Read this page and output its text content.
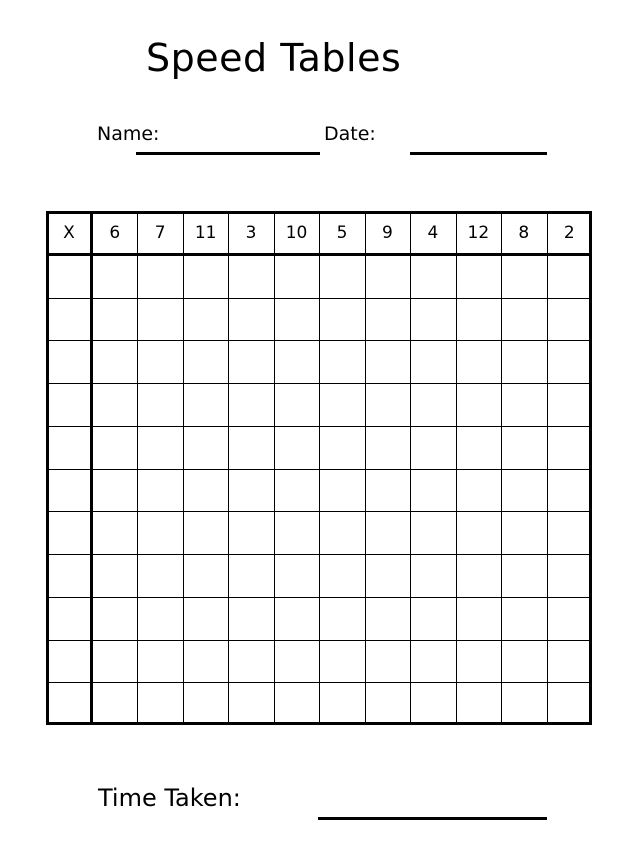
Speed Tables
Name:	Date:
X	6	7	11	3	10	5	9	4	12	8	2
Time Taken:
